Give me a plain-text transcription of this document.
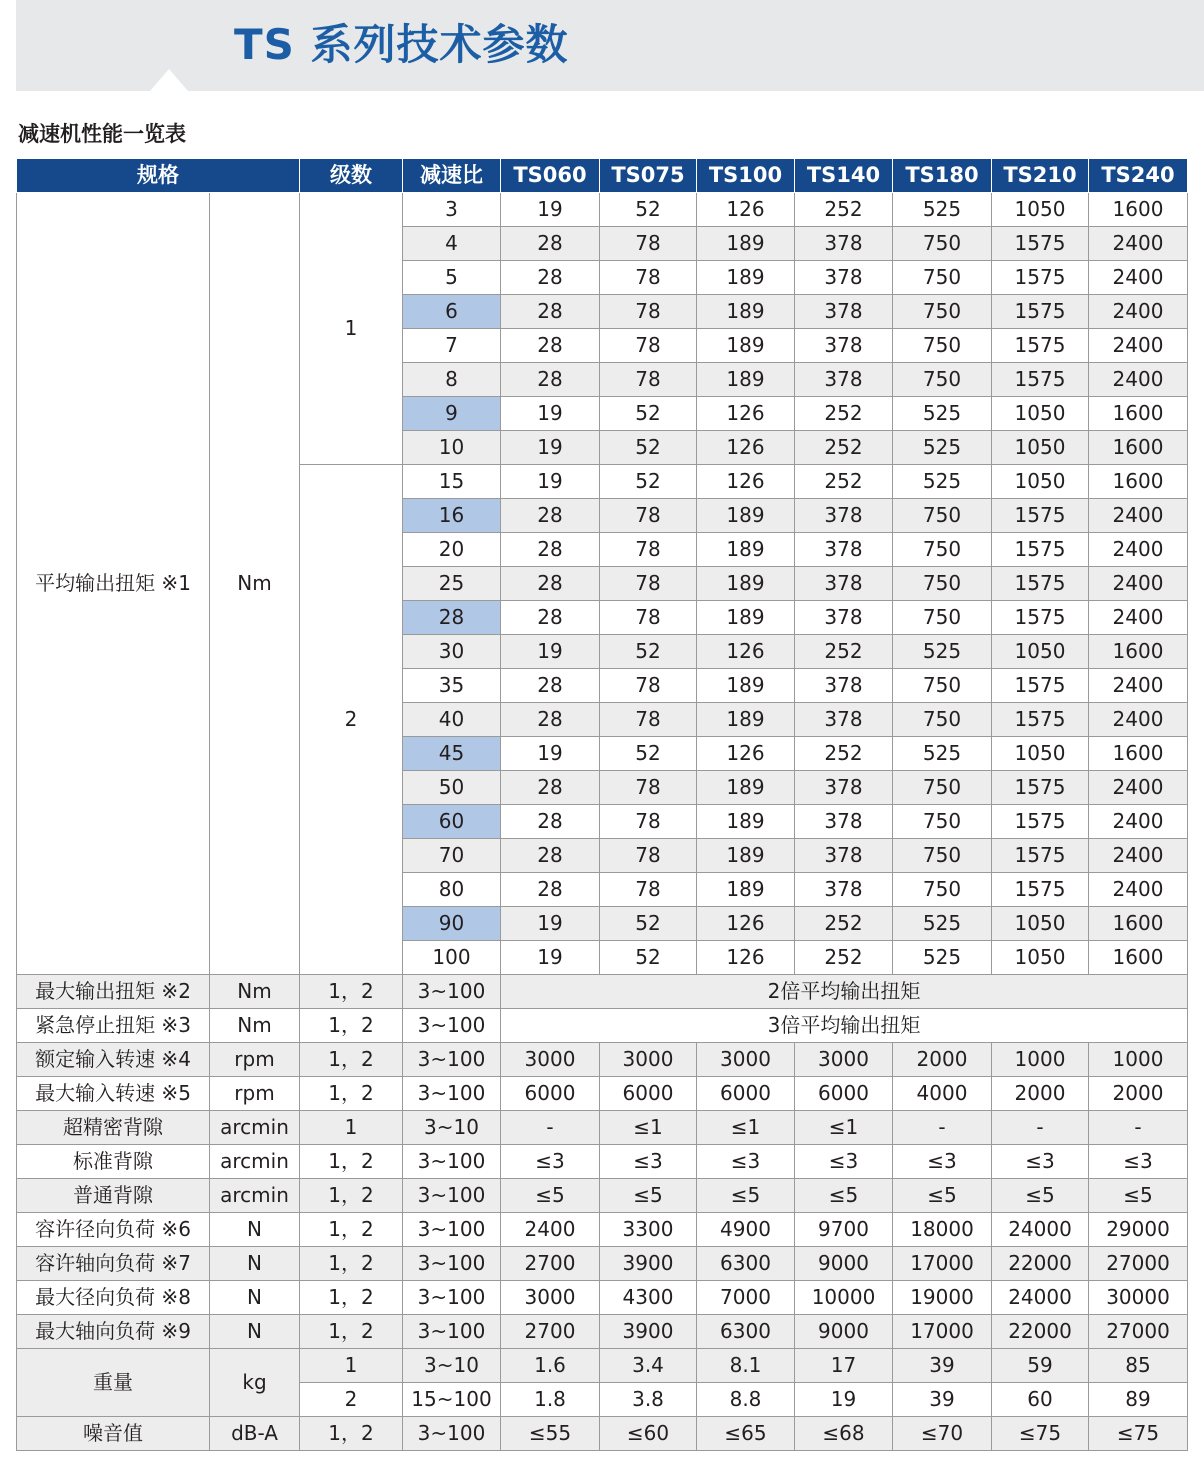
TS 系列技术参数
减速机性能一览表
规格		级数	减速比	TS060	TS075	TS100	TS140	TS180	TS210	TS240
平均输出扭矩 ※1	Nm	1	3	19	52	126	252	525	1050	1600
			4	28	78	189	378	750	1575	2400
			5	28	78	189	378	750	1575	2400
			6	28	78	189	378	750	1575	2400
			7	28	78	189	378	750	1575	2400
			8	28	78	189	378	750	1575	2400
			9	19	52	126	252	525	1050	1600
			10	19	52	126	252	525	1050	1600
		2	15	19	52	126	252	525	1050	1600
			16	28	78	189	378	750	1575	2400
			20	28	78	189	378	750	1575	2400
			25	28	78	189	378	750	1575	2400
			28	28	78	189	378	750	1575	2400
			30	19	52	126	252	525	1050	1600
			35	28	78	189	378	750	1575	2400
			40	28	78	189	378	750	1575	2400
			45	19	52	126	252	525	1050	1600
			50	28	78	189	378	750	1575	2400
			60	28	78	189	378	750	1575	2400
			70	28	78	189	378	750	1575	2400
			80	28	78	189	378	750	1575	2400
			90	19	52	126	252	525	1050	1600
			100	19	52	126	252	525	1050	1600
最大输出扭矩 ※2	Nm	1，2	3~100	2倍平均输出扭矩						
紧急停止扭矩 ※3	Nm	1，2	3~100	3倍平均输出扭矩						
额定输入转速 ※4	rpm	1，2	3~100	3000	3000	3000	3000	2000	1000	1000
最大输入转速 ※5	rpm	1，2	3~100	6000	6000	6000	6000	4000	2000	2000
超精密背隙	arcmin	1	3~10	-	≤1	≤1	≤1	-	-	-
标准背隙	arcmin	1，2	3~100	≤3	≤3	≤3	≤3	≤3	≤3	≤3
普通背隙	arcmin	1，2	3~100	≤5	≤5	≤5	≤5	≤5	≤5	≤5
容许径向负荷 ※6	N	1，2	3~100	2400	3300	4900	9700	18000	24000	29000
容许轴向负荷 ※7	N	1，2	3~100	2700	3900	6300	9000	17000	22000	27000
最大径向负荷 ※8	N	1，2	3~100	3000	4300	7000	10000	19000	24000	30000
最大轴向负荷 ※9	N	1，2	3~100	2700	3900	6300	9000	17000	22000	27000
重量	kg	1	3~10	1.6	3.4	8.1	17	39	59	85
		2	15~100	1.8	3.8	8.8	19	39	60	89
噪音值	dB-A	1，2	3~100	≤55	≤60	≤65	≤68	≤70	≤75	≤75
